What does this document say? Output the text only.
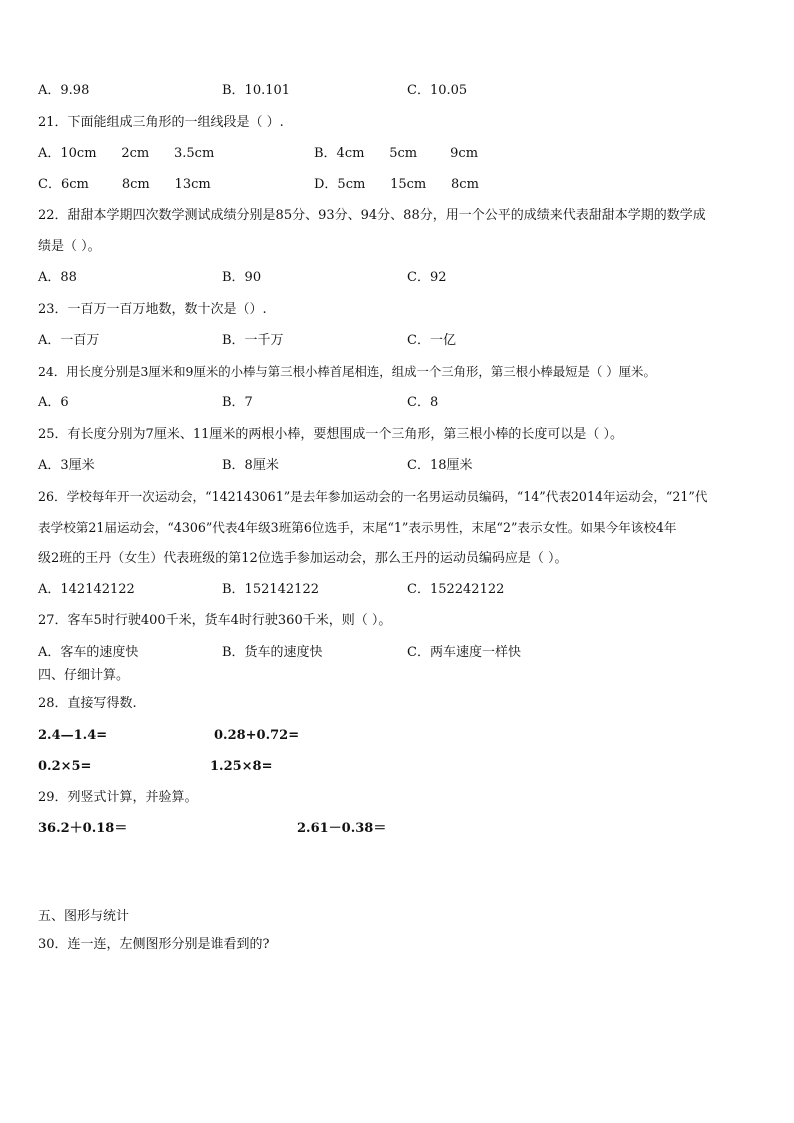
A．9.98	B．10.101	C．10.05
21．下面能组成三角形的一组线段是（ ）.
A．10cm      2cm      3.5cm	B．4cm      5cm        9cm
C．6cm        8cm      13cm	D．5cm      15cm      8cm
22．甜甜本学期四次数学测试成绩分别是85分、93分、94分、88分，用一个公平的成绩来代表甜甜本学期的数学成
绩是（ ）。
A．88	B．90	C．92
23．一百万一百万地数，数十次是（）.
A．一百万	B．一千万	C．一亿
24．用长度分别是3厘米和9厘米的小棒与第三根小棒首尾相连，组成一个三角形，第三根小棒最短是（ ）厘米。
A．6	B．7	C．8
25．有长度分别为7厘米、11厘米的两根小棒，要想围成一个三角形，第三根小棒的长度可以是（ ）。
A．3厘米	B．8厘米	C．18厘米
26．学校每年开一次运动会，“142143061”是去年参加运动会的一名男运动员编码，“14”代表2014年运动会，“21”代
表学校第21届运动会，“4306”代表4年级3班第6位选手，末尾“1”表示男性，末尾“2”表示女性。如果今年该校4年
级2班的王丹（女生）代表班级的第12位选手参加运动会，那么王丹的运动员编码应是（ ）。
A．142142122	B．152142122	C．152242122
27．客车5时行驶400千米，货车4时行驶360千米，则（ ）。
A．客车的速度快	B．货车的速度快	C．两车速度一样快
四、仔细计算。
28．直接写得数.
2.4—1.4=	0.28+0.72=
0.2×5=	1.25×8=
29．列竖式计算，并验算。
36.2＋0.18＝	2.61－0.38＝
五、图形与统计
30．连一连，左侧图形分别是谁看到的?
